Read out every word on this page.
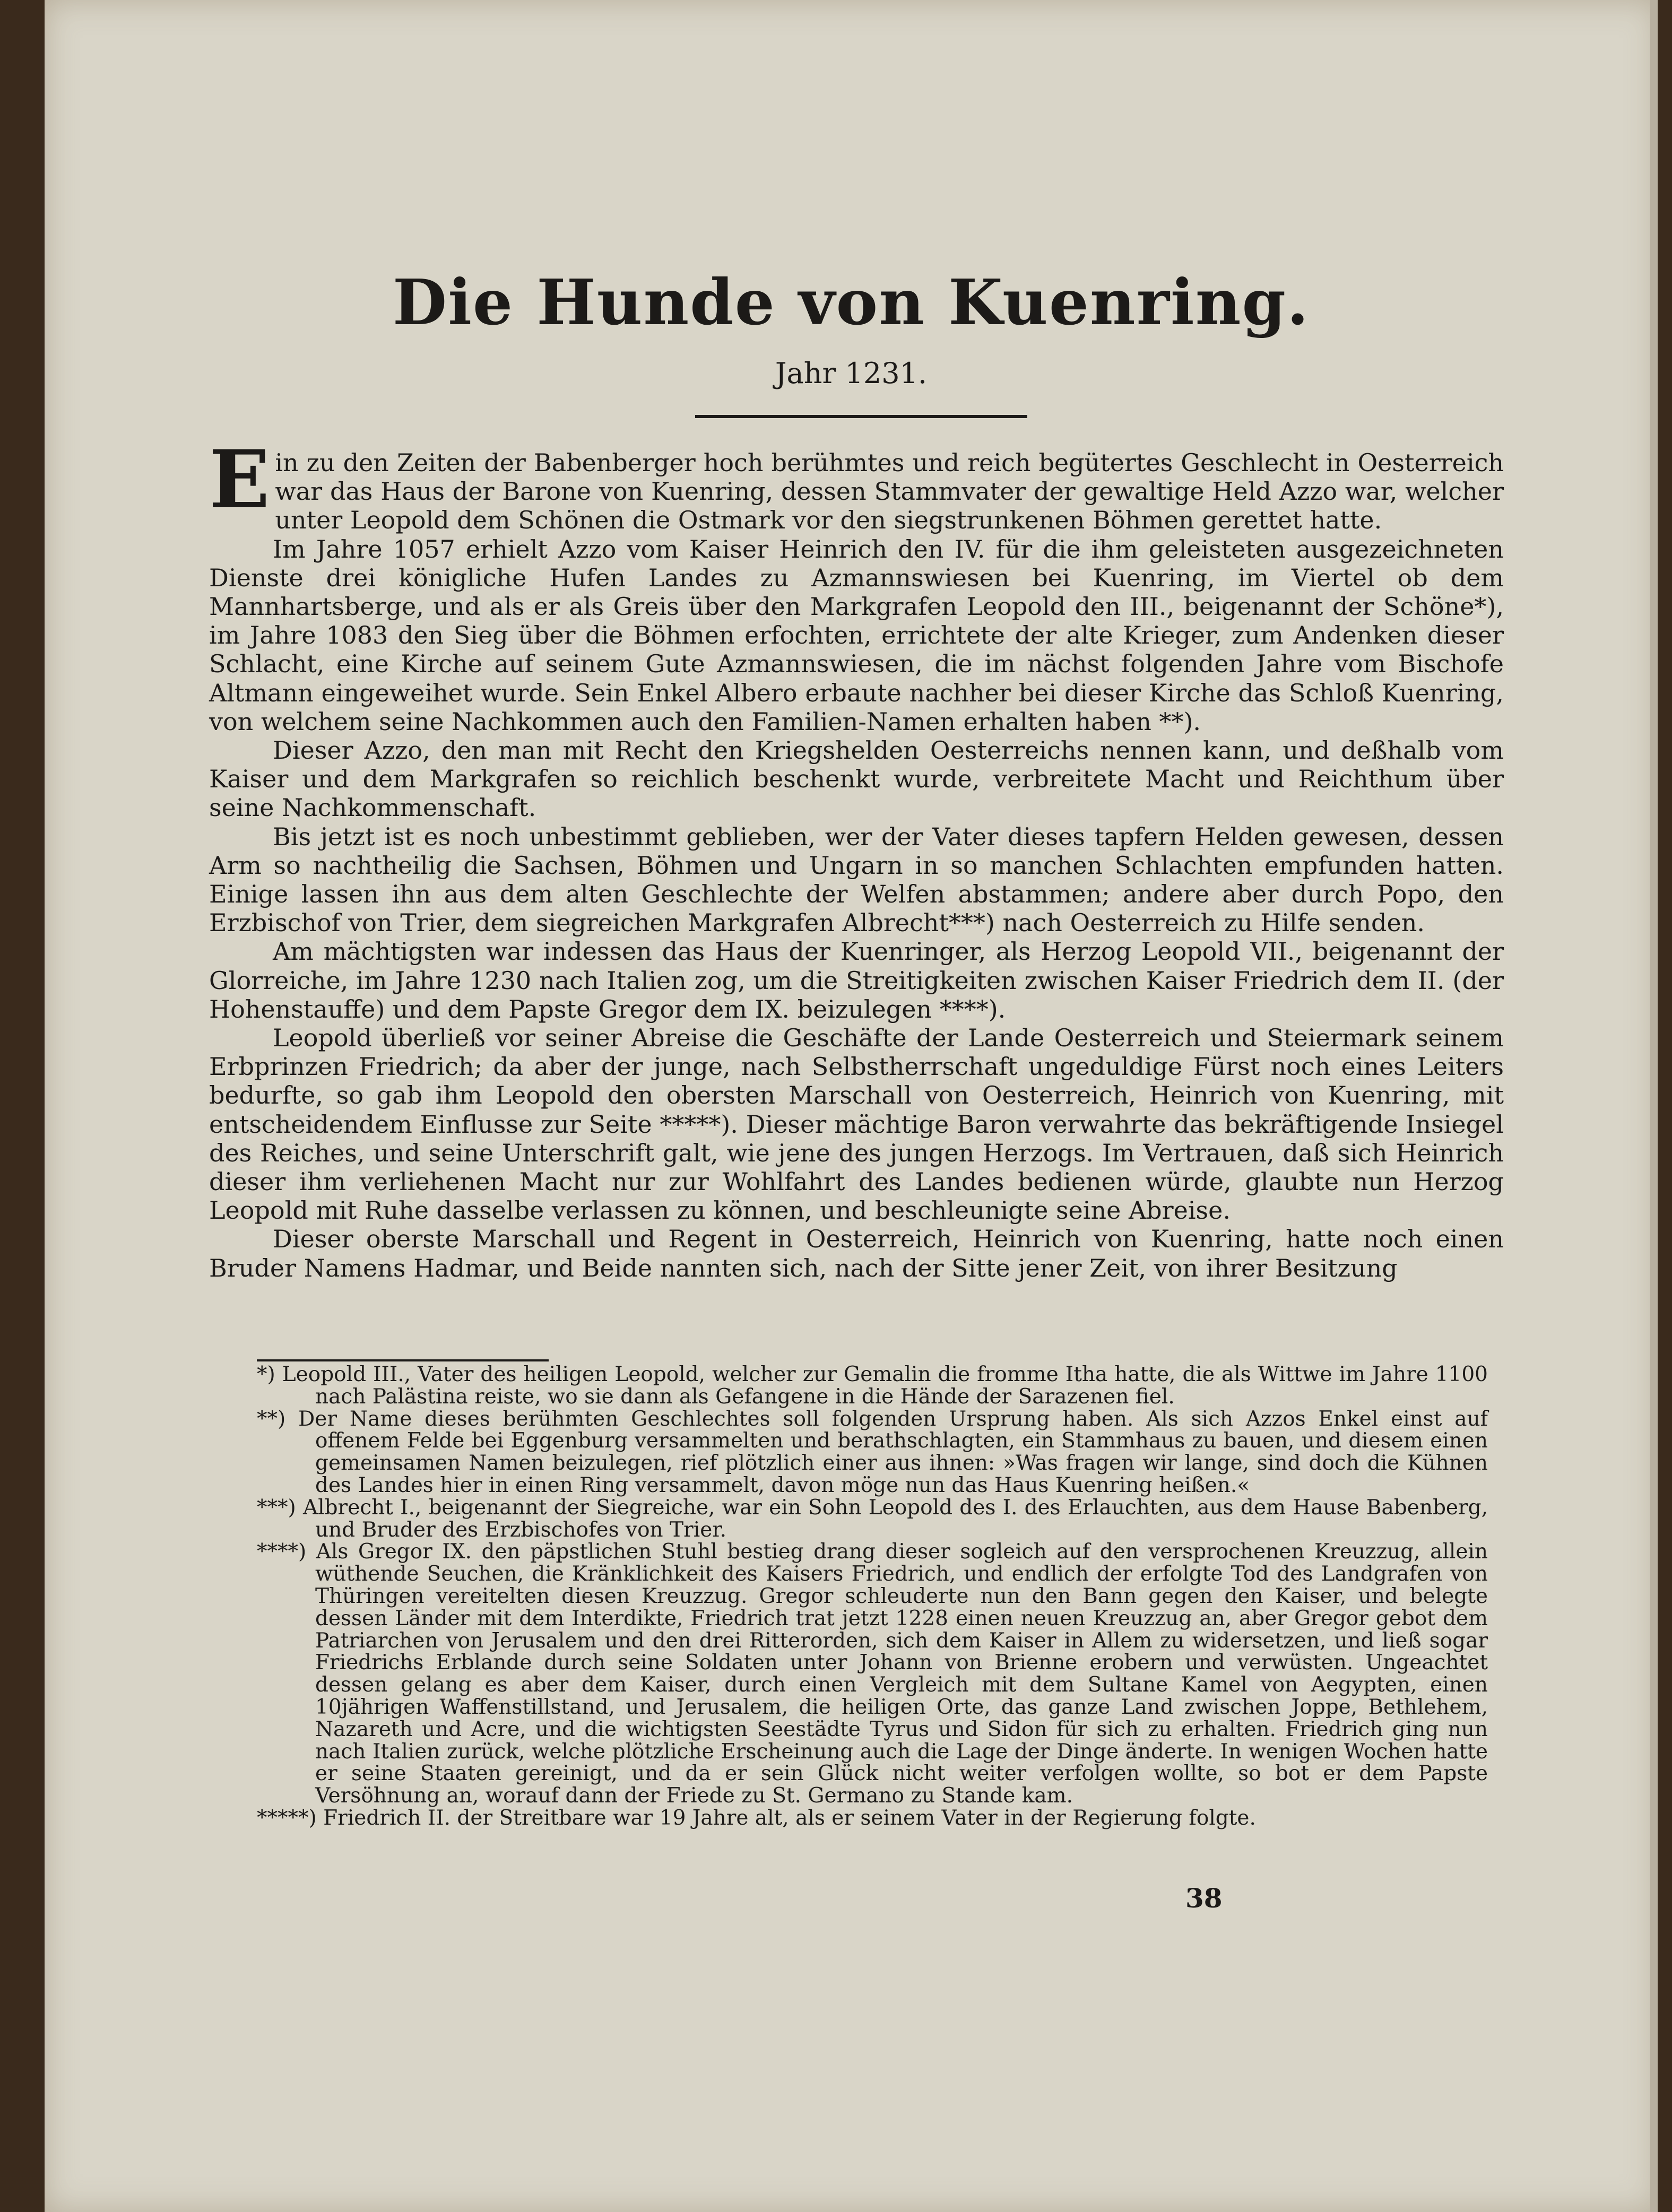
Die Hunde von Kuenring.
Jahr 1231.

Ein zu den Zeiten der Babenberger hoch berühmtes und reich begütertes Geschlecht in Oesterreich war das Haus der Barone von Kuenring, dessen Stammvater der gewaltige Held Azzo war, welcher unter Leopold dem Schönen die Ostmark vor den siegstrunkenen Böhmen gerettet hatte.

Im Jahre 1057 erhielt Azzo vom Kaiser Heinrich den IV. für die ihm geleisteten ausgezeichneten Dienste drei königliche Hufen Landes zu Azmannswiesen bei Kuenring, im Viertel ob dem Mannhartsberge, und als er als Greis über den Markgrafen Leopold den III., beigenannt der Schöne*), im Jahre 1083 den Sieg über die Böhmen erfochten, errichtete der alte Krieger, zum Andenken dieser Schlacht, eine Kirche auf seinem Gute Azmannswiesen, die im nächst folgenden Jahre vom Bischofe Altmann eingeweihet wurde. Sein Enkel Albero erbaute nachher bei dieser Kirche das Schloß Kuenring, von welchem seine Nachkommen auch den Familien-Namen erhalten haben **).

Dieser Azzo, den man mit Recht den Kriegshelden Oesterreichs nennen kann, und deßhalb vom Kaiser und dem Markgrafen so reichlich beschenkt wurde, verbreitete Macht und Reichthum über seine Nachkommenschaft.

Bis jetzt ist es noch unbestimmt geblieben, wer der Vater dieses tapfern Helden gewesen, dessen Arm so nachtheilig die Sachsen, Böhmen und Ungarn in so manchen Schlachten empfunden hatten. Einige lassen ihn aus dem alten Geschlechte der Welfen abstammen; andere aber durch Popo, den Erzbischof von Trier, dem siegreichen Markgrafen Albrecht***) nach Oesterreich zu Hilfe senden.

Am mächtigsten war indessen das Haus der Kuenringer, als Herzog Leopold VII., beigenannt der Glorreiche, im Jahre 1230 nach Italien zog, um die Streitigkeiten zwischen Kaiser Friedrich dem II. (der Hohenstauffe) und dem Papste Gregor dem IX. beizulegen ****).

Leopold überließ vor seiner Abreise die Geschäfte der Lande Oesterreich und Steiermark seinem Erbprinzen Friedrich; da aber der junge, nach Selbstherrschaft ungeduldige Fürst noch eines Leiters bedurfte, so gab ihm Leopold den obersten Marschall von Oesterreich, Heinrich von Kuenring, mit entscheidendem Einflusse zur Seite *****). Dieser mächtige Baron verwahrte das bekräftigende Insiegel des Reiches, und seine Unterschrift galt, wie jene des jungen Herzogs. Im Vertrauen, daß sich Heinrich dieser ihm verliehenen Macht nur zur Wohlfahrt des Landes bedienen würde, glaubte nun Herzog Leopold mit Ruhe dasselbe verlassen zu können, und beschleunigte seine Abreise.

Dieser oberste Marschall und Regent in Oesterreich, Heinrich von Kuenring, hatte noch einen Bruder Namens Hadmar, und Beide nannten sich, nach der Sitte jener Zeit, von ihrer Besitzung

*) Leopold III., Vater des heiligen Leopold, welcher zur Gemalin die fromme Itha hatte, die als Wittwe im Jahre 1100 nach Palästina reiste, wo sie dann als Gefangene in die Hände der Sarazenen fiel.

**) Der Name dieses berühmten Geschlechtes soll folgenden Ursprung haben. Als sich Azzos Enkel einst auf offenem Felde bei Eggenburg versammelten und berathschlagten, ein Stammhaus zu bauen, und diesem einen gemeinsamen Namen beizulegen, rief plötzlich einer aus ihnen: »Was fragen wir lange, sind doch die Kühnen des Landes hier in einen Ring versammelt, davon möge nun das Haus Kuenring heißen.«

***) Albrecht I., beigenannt der Siegreiche, war ein Sohn Leopold des I. des Erlauchten, aus dem Hause Babenberg, und Bruder des Erzbischofes von Trier.

****) Als Gregor IX. den päpstlichen Stuhl bestieg drang dieser sogleich auf den versprochenen Kreuzzug, allein wüthende Seuchen, die Kränklichkeit des Kaisers Friedrich, und endlich der erfolgte Tod des Landgrafen von Thüringen vereitelten diesen Kreuzzug. Gregor schleuderte nun den Bann gegen den Kaiser, und belegte dessen Länder mit dem Interdikte, Friedrich trat jetzt 1228 einen neuen Kreuzzug an, aber Gregor gebot dem Patriarchen von Jerusalem und den drei Ritterorden, sich dem Kaiser in Allem zu widersetzen, und ließ sogar Friedrichs Erblande durch seine Soldaten unter Johann von Brienne erobern und verwüsten. Ungeachtet dessen gelang es aber dem Kaiser, durch einen Vergleich mit dem Sultane Kamel von Aegypten, einen 10jährigen Waffenstillstand, und Jerusalem, die heiligen Orte, das ganze Land zwischen Joppe, Bethlehem, Nazareth und Acre, und die wichtigsten Seestädte Tyrus und Sidon für sich zu erhalten. Friedrich ging nun nach Italien zurück, welche plötzliche Erscheinung auch die Lage der Dinge änderte. In wenigen Wochen hatte er seine Staaten gereinigt, und da er sein Glück nicht weiter verfolgen wollte, so bot er dem Papste Versöhnung an, worauf dann der Friede zu St. Germano zu Stande kam.

*****) Friedrich II. der Streitbare war 19 Jahre alt, als er seinem Vater in der Regierung folgte.

38
